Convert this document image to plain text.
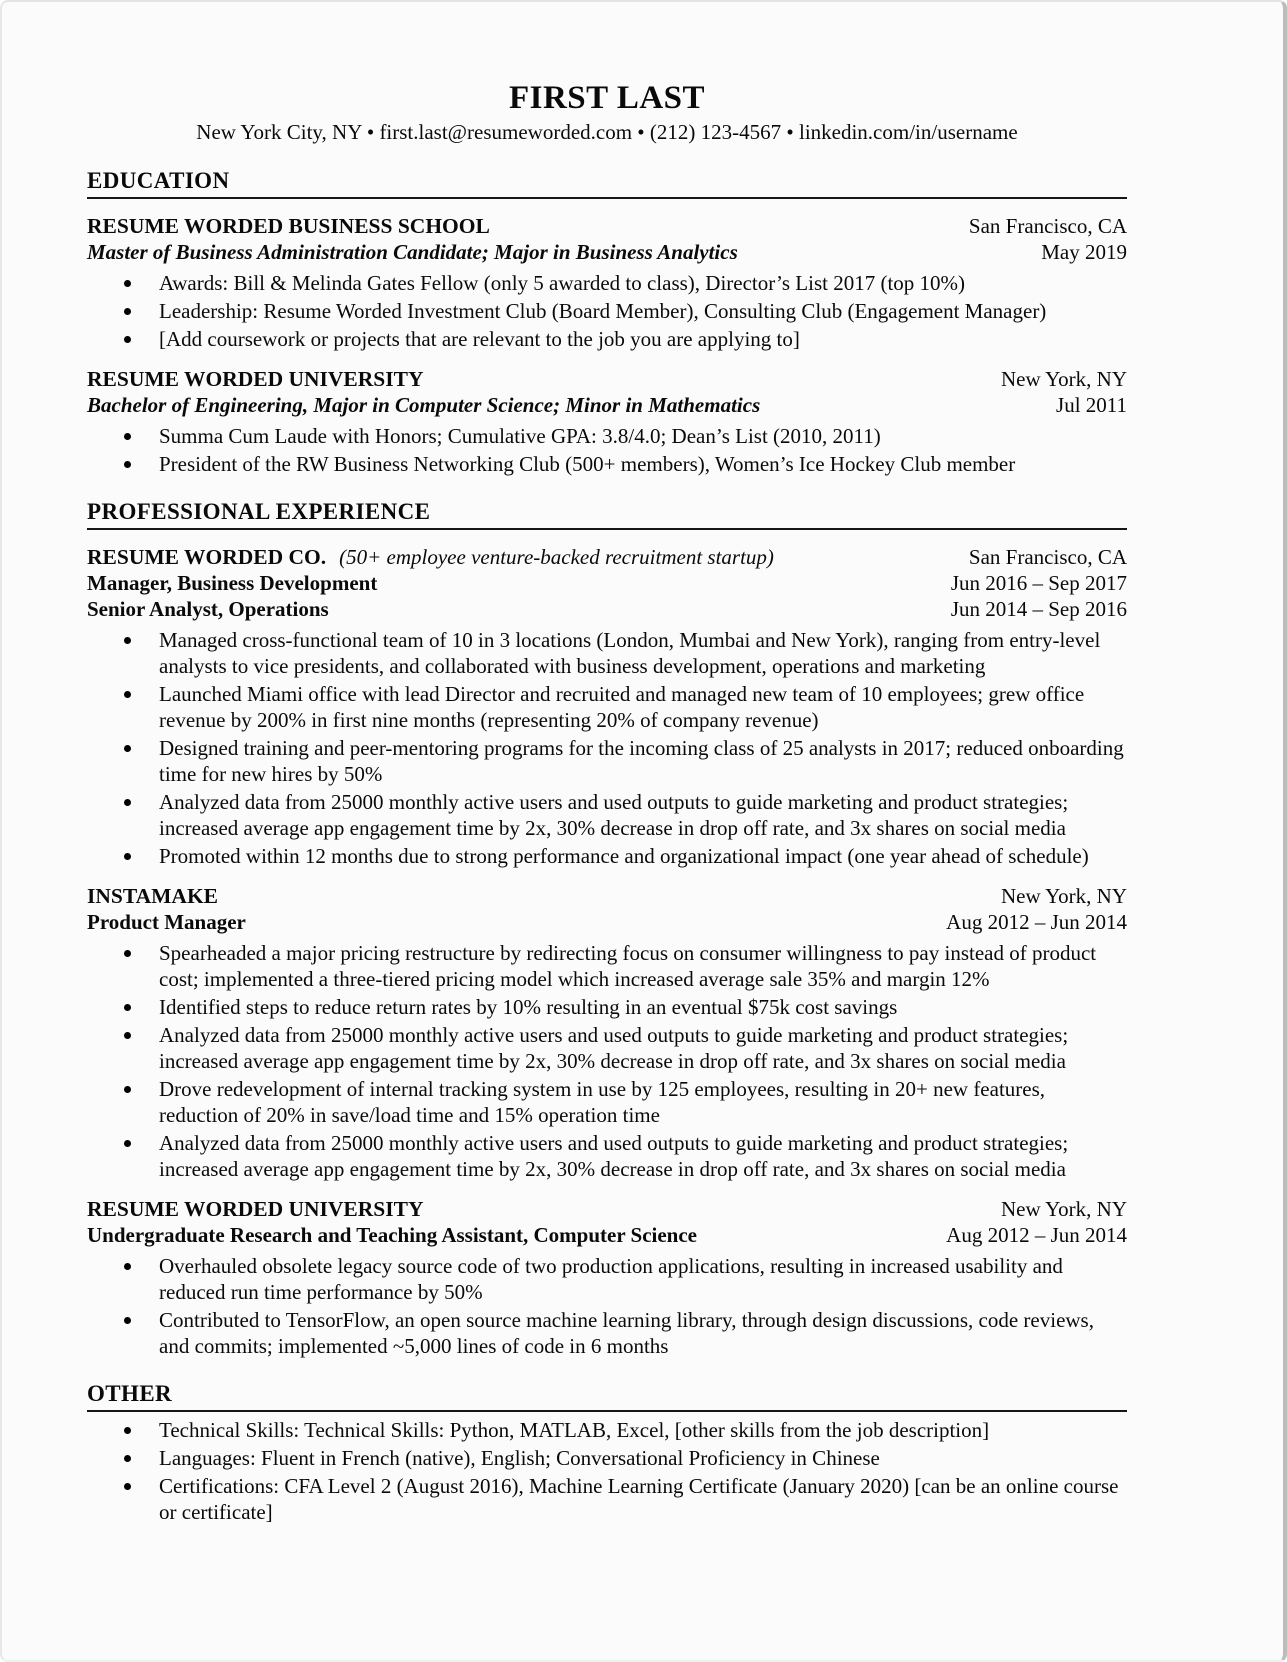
FIRST LAST
New York City, NY • first.last@resumeworded.com • (212) 123-4567 • linkedin.com/in/username
EDUCATION
RESUME WORDED BUSINESS SCHOOL	San Francisco, CA
Master of Business Administration Candidate; Major in Business Analytics	May 2019
Awards: Bill & Melinda Gates Fellow (only 5 awarded to class), Director’s List 2017 (top 10%)
Leadership: Resume Worded Investment Club (Board Member), Consulting Club (Engagement Manager)
[Add coursework or projects that are relevant to the job you are applying to]
RESUME WORDED UNIVERSITY	New York, NY
Bachelor of Engineering, Major in Computer Science; Minor in Mathematics	Jul 2011
Summa Cum Laude with Honors; Cumulative GPA: 3.8/4.0; Dean’s List (2010, 2011)
President of the RW Business Networking Club (500+ members), Women’s Ice Hockey Club member
PROFESSIONAL EXPERIENCE
RESUME WORDED CO. (50+ employee venture-backed recruitment startup)	San Francisco, CA
Manager, Business Development	Jun 2016 – Sep 2017
Senior Analyst, Operations	Jun 2014 – Sep 2016
Managed cross-functional team of 10 in 3 locations (London, Mumbai and New York), ranging from entry-level analysts to vice presidents, and collaborated with business development, operations and marketing
Launched Miami office with lead Director and recruited and managed new team of 10 employees; grew office revenue by 200% in first nine months (representing 20% of company revenue)
Designed training and peer-mentoring programs for the incoming class of 25 analysts in 2017; reduced onboarding time for new hires by 50%
Analyzed data from 25000 monthly active users and used outputs to guide marketing and product strategies; increased average app engagement time by 2x, 30% decrease in drop off rate, and 3x shares on social media
Promoted within 12 months due to strong performance and organizational impact (one year ahead of schedule)
INSTAMAKE	New York, NY
Product Manager	Aug 2012 – Jun 2014
Spearheaded a major pricing restructure by redirecting focus on consumer willingness to pay instead of product cost; implemented a three-tiered pricing model which increased average sale 35% and margin 12%
Identified steps to reduce return rates by 10% resulting in an eventual $75k cost savings
Analyzed data from 25000 monthly active users and used outputs to guide marketing and product strategies; increased average app engagement time by 2x, 30% decrease in drop off rate, and 3x shares on social media
Drove redevelopment of internal tracking system in use by 125 employees, resulting in 20+ new features, reduction of 20% in save/load time and 15% operation time
Analyzed data from 25000 monthly active users and used outputs to guide marketing and product strategies; increased average app engagement time by 2x, 30% decrease in drop off rate, and 3x shares on social media
RESUME WORDED UNIVERSITY	New York, NY
Undergraduate Research and Teaching Assistant, Computer Science	Aug 2012 – Jun 2014
Overhauled obsolete legacy source code of two production applications, resulting in increased usability and reduced run time performance by 50%
Contributed to TensorFlow, an open source machine learning library, through design discussions, code reviews, and commits; implemented ~5,000 lines of code in 6 months
OTHER
Technical Skills: Technical Skills: Python, MATLAB, Excel, [other skills from the job description]
Languages: Fluent in French (native), English; Conversational Proficiency in Chinese
Certifications: CFA Level 2 (August 2016), Machine Learning Certificate (January 2020) [can be an online course or certificate]
